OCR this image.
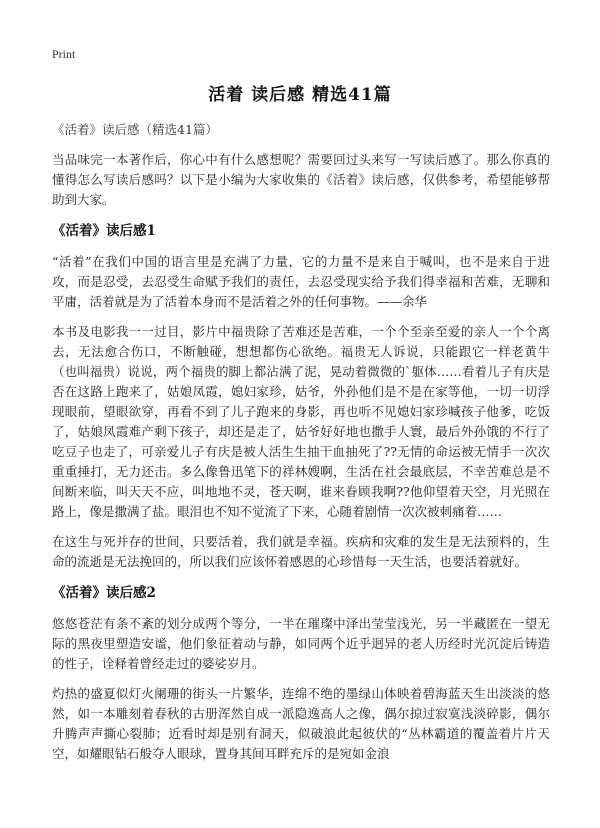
Print
活着 读后感 精选41篇
《活着》读后感（精选41篇）

当品味完一本著作后，你心中有什么感想呢？需要回过头来写一写读后感了。那么你真的懂得怎么写读后感吗？以下是小编为大家收集的《活着》读后感，仅供参考，希望能够帮助到大家。

《活着》读后感1

“活着”在我们中国的语言里是充满了力量，它的力量不是来自于喊叫，也不是来自于进攻，而是忍受，去忍受生命赋予我们的责任，去忍受现实给予我们得幸福和苦难，无聊和平庸，活着就是为了活着本身而不是活着之外的任何事物。——余华

本书及电影我一一过目，影片中福贵除了苦难还是苦难，一个个至亲至爱的亲人一个个离去，无法愈合伤口，不断触碰，想想都伤心欲绝。福贵无人诉说，只能跟它一样老黄牛（也叫福贵）说说，两个福贵的脚上都沾满了泥，晃动着微微的`躯体……看着儿子有庆是否在这路上跑来了，姑娘凤霞，媳妇家珍，姑爷，外孙他们是不是在家等他，一切一切浮现眼前，望眼欲穿，再看不到了儿子跑来的身影，再也听不见媳妇家珍喊孩子他爹，吃饭了，姑娘凤霞难产剩下孩子，却还是走了，姑爷好好地也撒手人寰，最后外孙饿的不行了吃豆子也走了，可亲爱儿子有庆是被人活生生抽干血抽死了??无情的命运被无情手一次次重重捶打，无力还击。多么像鲁迅笔下的祥林嫂啊，生活在社会最底层，不幸苦难总是不间断来临，叫天天不应，叫地地不灵，苍天啊，谁来眷顾我啊??他仰望着天空，月光照在路上，像是撒满了盐。眼泪也不知不觉流了下来，心随着剧情一次次被刺痛着……

在这生与死并存的世间，只要活着，我们就是幸福。疾病和灾难的发生是无法预料的，生命的流逝是无法挽回的，所以我们应该怀着感恩的心珍惜每一天生活，也要活着就好。

《活着》读后感2

悠悠苍茫有条不紊的划分成两个等分，一半在璀璨中泽出莹莹浅光，另一半藏匿在一望无际的黑夜里塑造安谧，他们象征着动与静，如同两个近乎迥异的老人历经时光沉淀后铸造的性子，诠释着曾经走过的婆娑岁月。

灼热的盛夏似灯火阑珊的街头一片繁华，连绵不绝的墨绿山体映着碧海蓝天生出淡淡的悠然，如一本雕刻着春秋的古册浑然自成一派隐逸高人之像，偶尔掠过寂寞浅淡碎影，偶尔升腾声声撕心裂肺；近看时却是别有洞天，似破浪此起彼伏的“丛林霸道的覆盖着片片天空，如耀眼钻石般夺人眼球，置身其间耳畔充斥的是宛如金浪
